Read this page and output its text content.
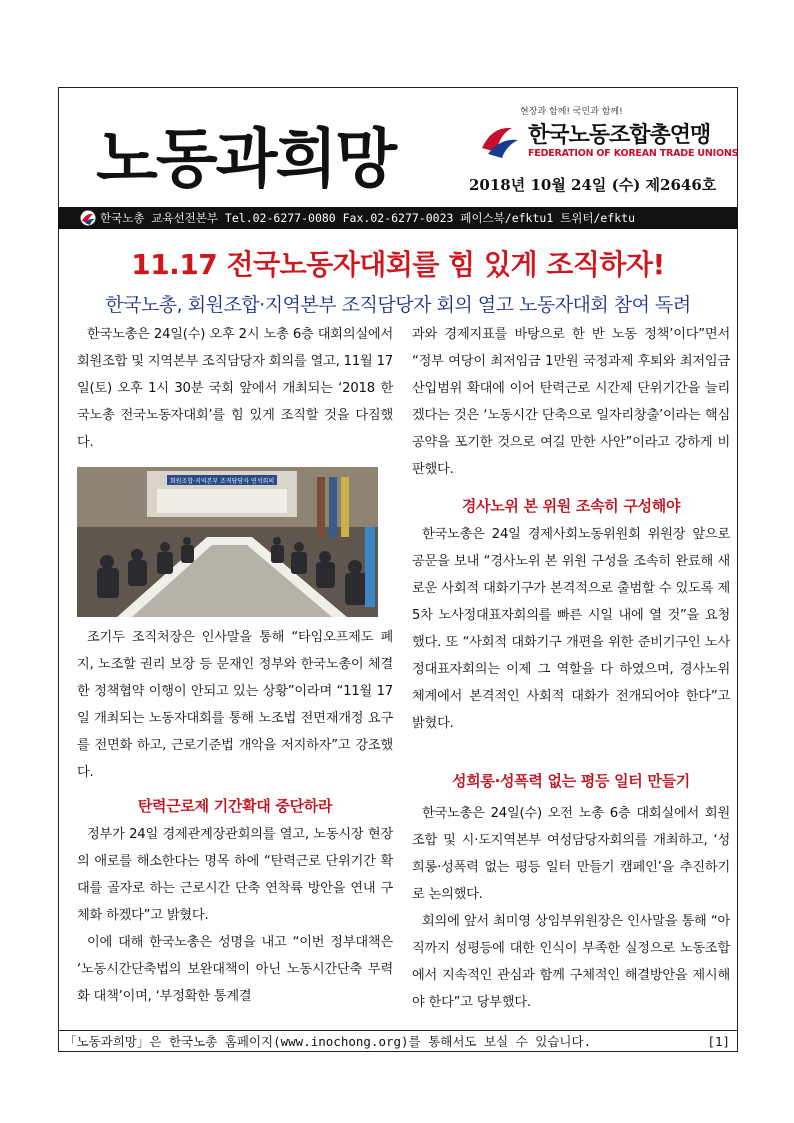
노동과희망
현장과 함께! 국민과 함께!
한국노동조합총연맹
FEDERATION OF KOREAN TRADE UNIONS
2018년 10월 24일 (수) 제2646호
한국노총 교육선전본부 Tel.02-6277-0080 Fax.02-6277-0023 페이스북/efktu1 트위터/efktu
11.17 전국노동자대회를 힘 있게 조직하자!
한국노총, 회원조합·지역본부 조직담당자 회의 열고 노동자대회 참여 독려

한국노총은 24일(수) 오후 2시 노총 6층 대회의실에서 회원조합 및 지역본부 조직담당자 회의를 열고, 11월 17일(토) 오후 1시 30분 국회 앞에서 개최되는 ‘2018 한국노총 전국노동자대회’를 힘 있게 조직할 것을 다짐했다.

회원조합·지역본부 조직담당자 연석회의

조기두 조직처장은 인사말을 통해 “타임오프제도 폐지, 노조할 권리 보장 등 문재인 정부와 한국노총이 체결한 정책협약 이행이 안되고 있는 상황”이라며 “11월 17일 개최되는 노동자대회를 통해 노조법 전면재개정 요구를 전면화 하고, 근로기준법 개악을 저지하자”고 강조했다.

탄력근로제 기간확대 중단하라

정부가 24일 경제관계장관회의를 열고, 노동시장 현장의 애로를 해소한다는 명목 하에 “탄력근로 단위기간 확대를 골자로 하는 근로시간 단축 연착륙 방안을 연내 구체화 하겠다”고 밝혔다.

이에 대해 한국노총은 성명을 내고 “이번 정부대책은 ‘노동시간단축법의 보완대책이 아닌 노동시간단축 무력화 대책’이며, ‘부정확한 통계결

과와 경제지표를 바탕으로 한 반 노동 정책’이다”면서 “정부 여당이 최저임금 1만원 국정과제 후퇴와 최저임금산입범위 확대에 이어 탄력근로 시간제 단위기간을 늘리겠다는 것은 ‘노동시간 단축으로 일자리창출’이라는 핵심공약을 포기한 것으로 여길 만한 사안”이라고 강하게 비판했다.

경사노위 본 위원 조속히 구성해야

한국노총은 24일 경제사회노동위원회 위원장 앞으로 공문을 보내 “경사노위 본 위원 구성을 조속히 완료해 새로운 사회적 대화기구가 본격적으로 출범할 수 있도록 제5차 노사정대표자회의를 빠른 시일 내에 열 것”을 요청했다. 또 “사회적 대화기구 개편을 위한 준비기구인 노사정대표자회의는 이제 그 역할을 다 하였으며, 경사노위 체계에서 본격적인 사회적 대화가 전개되어야 한다”고 밝혔다.

성희롱·성폭력 없는 평등 일터 만들기

한국노총은 24일(수) 오전 노총 6층 대회실에서 회원조합 및 시·도지역본부 여성담당자회의를 개최하고, ‘성희롱·성폭력 없는 평등 일터 만들기 캠페인’을 추진하기로 논의했다.

회의에 앞서 최미영 상임부위원장은 인사말을 통해 “아직까지 성평등에 대한 인식이 부족한 실정으로 노동조합에서 지속적인 관심과 함께 구체적인 해결방안을 제시해야 한다”고 당부했다.

「노동과희망」은 한국노총 홈페이지(www.inochong.org)를 통해서도 보실 수 있습니다.	[1]
